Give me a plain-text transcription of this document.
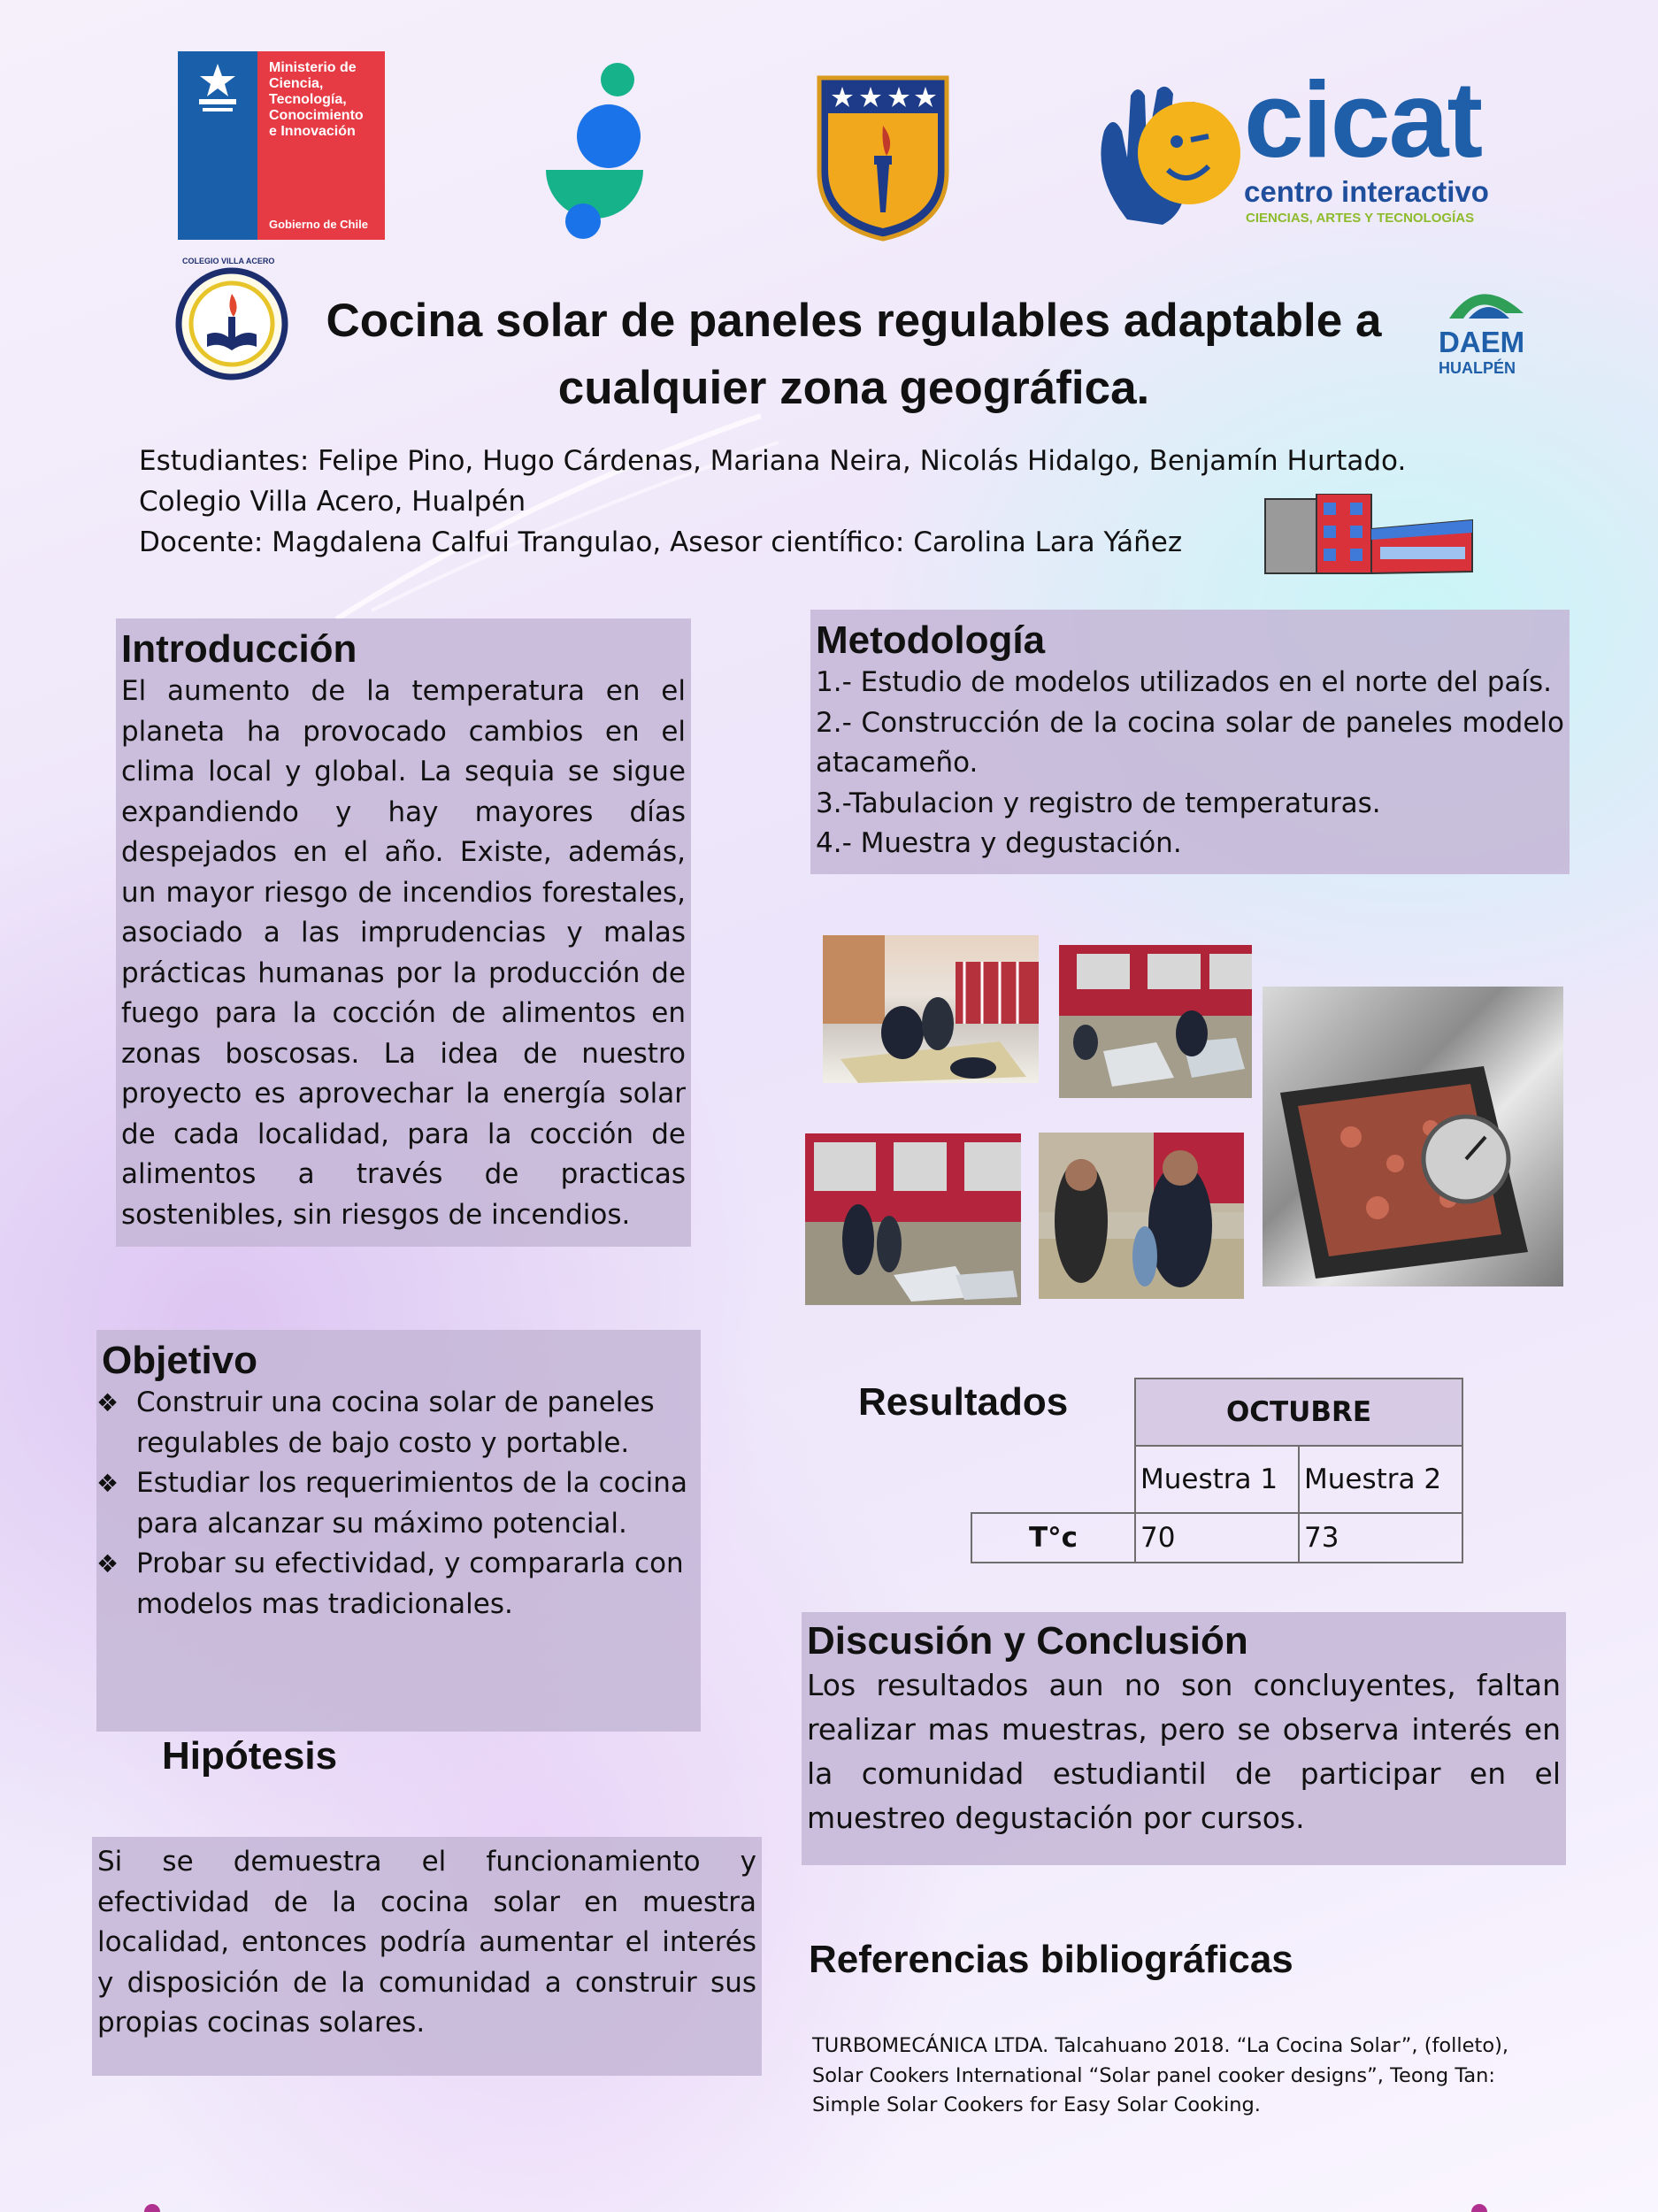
Ministerio de
Ciencia,
Tecnología,
Conocimiento
e Innovación
Gobierno de Chile
cicat
centro interactivo
CIENCIAS, ARTES Y TECNOLOGÍAS
COLEGIO VILLA ACERO
DAEM
HUALPÉN
Cocina solar de paneles regulables adaptable a
cualquier zona geográfica.
Estudiantes: Felipe Pino, Hugo Cárdenas, Mariana Neira, Nicolás Hidalgo, Benjamín Hurtado.
Colegio Villa Acero, Hualpén
Docente: Magdalena Calfui Trangulao, Asesor científico: Carolina Lara Yáñez
Introducción

El aumento de la temperatura en el planeta ha provocado cambios en el clima local y global. La sequia se sigue expandiendo y hay mayores días despejados en el año. Existe, además, un mayor riesgo de incendios forestales, asociado a las imprudencias y malas prácticas humanas por la producción de fuego para la cocción de alimentos en zonas boscosas. La idea de nuestro proyecto es aprovechar la energía solar de cada localidad, para la cocción de alimentos a través de practicas sostenibles, sin riesgos de incendios.

Metodología
1.- Estudio de modelos utilizados en el norte del país.
2.- Construcción de la cocina solar de paneles modelo atacameño.
3.-Tabulacion y registro de temperaturas.
4.- Muestra y degustación.
Objetivo
❖ Construir una cocina solar de paneles regulables de bajo costo y portable.
❖ Estudiar los requerimientos de la cocina para alcanzar su máximo potencial.
❖ Probar su efectividad, y compararla con modelos mas tradicionales.
Hipótesis

Si se demuestra el funcionamiento y efectividad de la cocina solar en muestra localidad, entonces podría aumentar el interés y disposición de la comunidad a construir sus propias cocinas solares.

Resultados
		OCTUBRE	
	Muestra 1	Muestra 2
T°c	70	73
Discusión y Conclusión

Los resultados aun no son concluyentes, faltan realizar mas muestras, pero se observa interés en la comunidad estudiantil de participar en el muestreo degustación por cursos.

Referencias bibliográficas

TURBOMECÁNICA LTDA. Talcahuano 2018. “La Cocina Solar”, (folleto), Solar Cookers International “Solar panel cooker designs”, Teong Tan: Simple Solar Cookers for Easy Solar Cooking.
